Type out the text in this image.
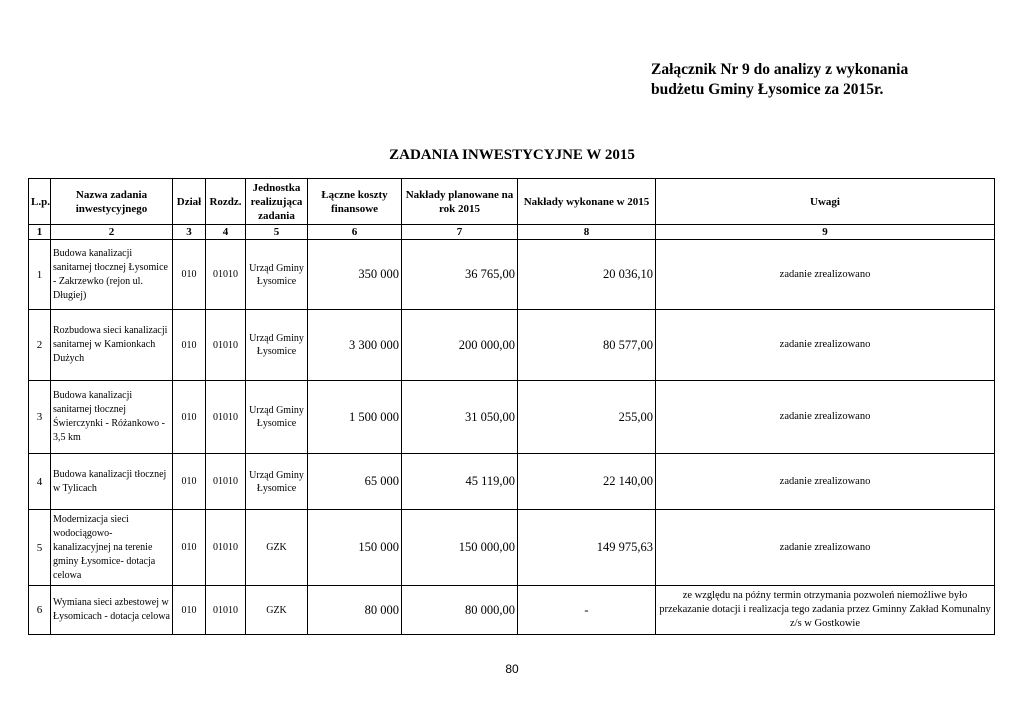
Załącznik Nr 9 do analizy z wykonania
budżetu Gminy Łysomice za 2015r.
ZADANIA INWESTYCYJNE W 2015
L.p.	Nazwa zadania inwestycyjnego	Dział	Rozdz.	Jednostka realizująca zadania	Łączne koszty finansowe	Nakłady planowane na rok 2015	Nakłady wykonane w 2015	Uwagi
1	2	3	4	5	6	7	8	9
1	Budowa kanalizacji sanitarnej tłocznej Łysomice - Zakrzewko (rejon ul. Długiej)	010	01010	Urząd Gminy Łysomice	350 000	36 765,00	20 036,10	zadanie zrealizowano
2	Rozbudowa sieci kanalizacji sanitarnej w Kamionkach Dużych	010	01010	Urząd Gminy Łysomice	3 300 000	200 000,00	80 577,00	zadanie zrealizowano
3	Budowa kanalizacji sanitarnej tłocznej Świerczynki - Różankowo - 3,5 km	010	01010	Urząd Gminy Łysomice	1 500 000	31 050,00	255,00	zadanie zrealizowano
4	Budowa kanalizacji tłocznej w Tylicach	010	01010	Urząd Gminy Łysomice	65 000	45 119,00	22 140,00	zadanie zrealizowano
5	Modernizacja sieci wodociągowo- kanalizacyjnej na terenie gminy Łysomice- dotacja celowa	010	01010	GZK	150 000	150 000,00	149 975,63	zadanie zrealizowano
6	Wymiana sieci azbestowej w Łysomicach - dotacja celowa	010	01010	GZK	80 000	80 000,00	-	ze względu na późny termin otrzymania pozwoleń niemożliwe było przekazanie dotacji i realizacja tego zadania przez Gminny Zakład Komunalny z/s w Gostkowie
80
